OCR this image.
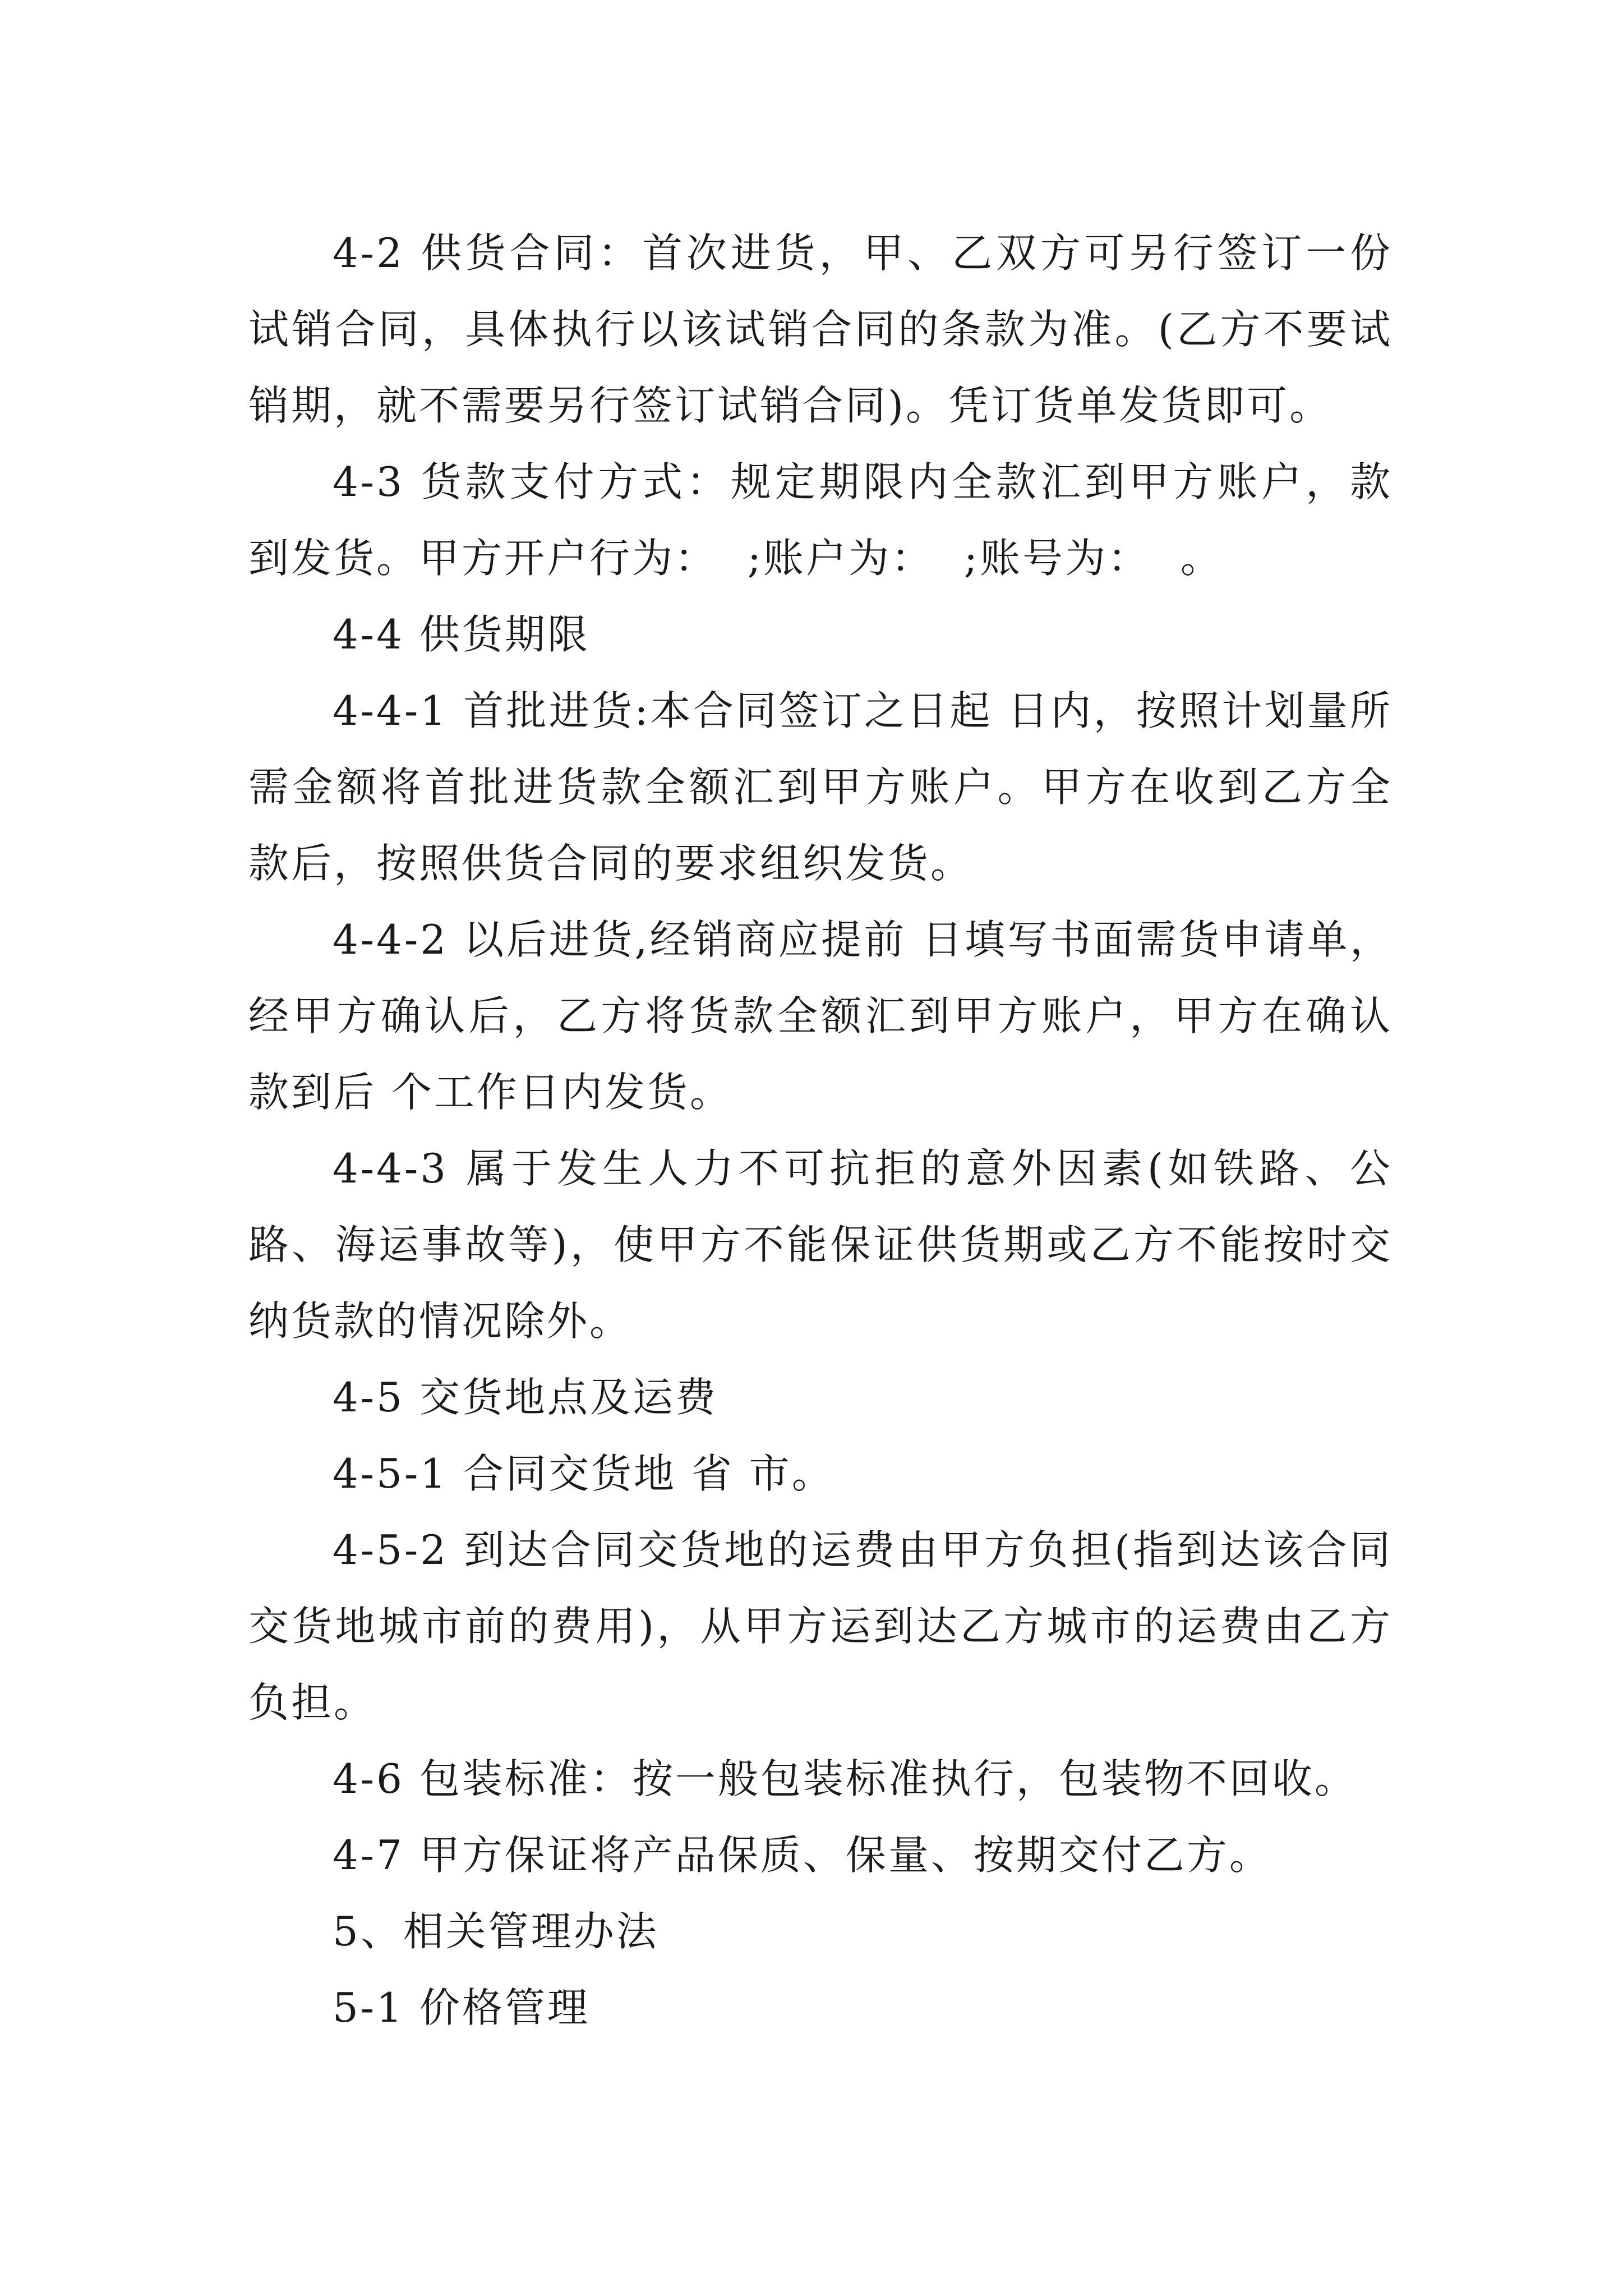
4-2 供货合同：首次进货，甲、乙双方可另行签订一份试销合同，具体执行以该试销合同的条款为准。(乙方不要试销期，就不需要另行签订试销合同)。凭订货单发货即可。

4-3 货款支付方式：规定期限内全款汇到甲方账户，款到发货。甲方开户行为：  ;账户为：  ;账号为：  。

4-4 供货期限

4-4-1 首批进货:本合同签订之日起 日内，按照计划量所需金额将首批进货款全额汇到甲方账户。甲方在收到乙方全款后，按照供货合同的要求组织发货。

4-4-2 以后进货,经销商应提前 日填写书面需货申请单，经甲方确认后，乙方将货款全额汇到甲方账户，甲方在确认款到后 个工作日内发货。

4-4-3 属于发生人力不可抗拒的意外因素(如铁路、公路、海运事故等)，使甲方不能保证供货期或乙方不能按时交纳货款的情况除外。

4-5 交货地点及运费

4-5-1 合同交货地 省 市。

4-5-2 到达合同交货地的运费由甲方负担(指到达该合同交货地城市前的费用)，从甲方运到达乙方城市的运费由乙方负担。

4-6 包装标准：按一般包装标准执行，包装物不回收。

4-7 甲方保证将产品保质、保量、按期交付乙方。

5、相关管理办法

5-1 价格管理
